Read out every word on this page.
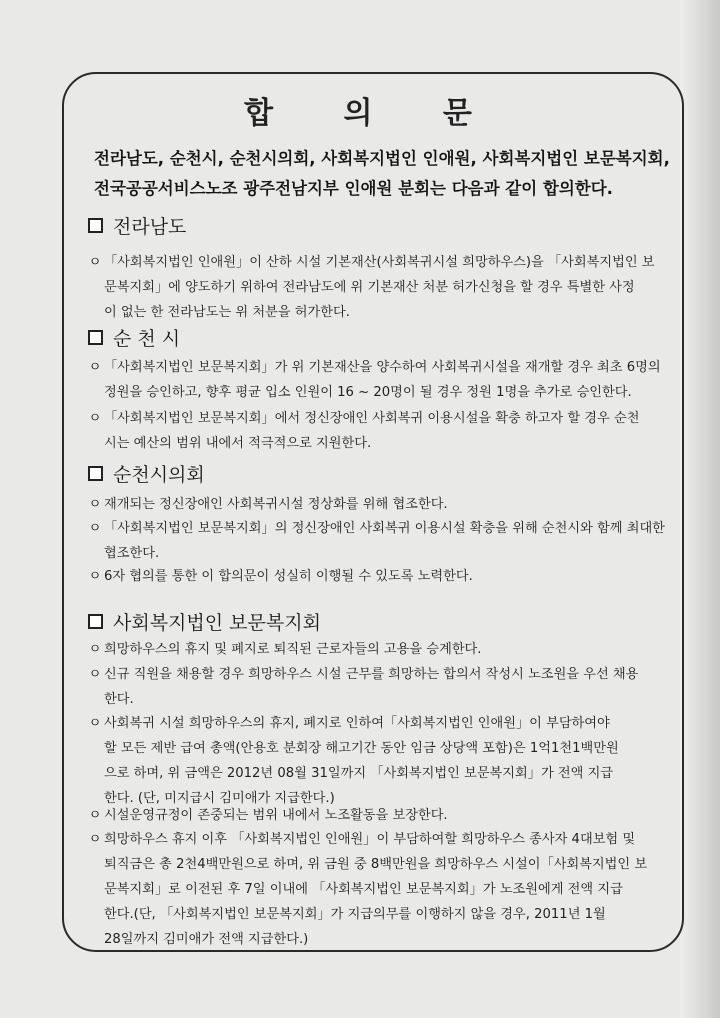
합 의 문
전라남도, 순천시, 순천시의회, 사회복지법인 인애원, 사회복지법인 보문복지회,
전국공공서비스노조 광주전남지부 인애원 분회는 다음과 같이 합의한다.
전라남도
ㅇ 「사회복지법인 인애원」이 산하 시설 기본재산(사회복귀시설 희망하우스)을 「사회복지법인 보
문복지회」에 양도하기 위하여 전라남도에 위 기본재산 처분 허가신청을 할 경우 특별한 사정
이 없는 한 전라남도는 위 처분을 허가한다.
순 천 시
ㅇ 「사회복지법인 보문복지회」가 위 기본재산을 양수하여 사회복귀시설을 재개할 경우 최초 6명의
정원을 승인하고, 향후 평균 입소 인원이 16 ~ 20명이 될 경우 정원 1명을 추가로 승인한다.
ㅇ 「사회복지법인 보문복지회」에서 정신장애인 사회복귀 이용시설을 확충 하고자 할 경우 순천
시는 예산의 범위 내에서 적극적으로 지원한다.
순천시의회
ㅇ 재개되는 정신장애인 사회복귀시설 정상화를 위해 협조한다.
ㅇ 「사회복지법인 보문복지회」의 정신장애인 사회복귀 이용시설 확충을 위해 순천시와 함께 최대한
협조한다.
ㅇ 6자 협의를 통한 이 합의문이 성실히 이행될 수 있도록 노력한다.
사회복지법인 보문복지회
ㅇ 희망하우스의 휴지 및 폐지로 퇴직된 근로자들의 고용을 승계한다.
ㅇ 신규 직원을 채용할 경우 희망하우스 시설 근무를 희망하는 합의서 작성시 노조원을 우선 채용
한다.
ㅇ 사회복귀 시설 희망하우스의 휴지, 폐지로 인하여「사회복지법인 인애원」이 부담하여야
할 모든 제반 급여 총액(안용호 분회장 해고기간 동안 임금 상당액 포함)은 1억1천1백만원
으로 하며, 위 금액은 2012년 08월 31일까지 「사회복지법인 보문복지회」가 전액 지급
한다. (단, 미지급시 김미애가 지급한다.)
ㅇ 시설운영규정이 존중되는 범위 내에서 노조활동을 보장한다.
ㅇ 희망하우스 휴지 이후 「사회복지법인 인애원」이 부담하여할 희망하우스 종사자 4대보험 및
퇴직금은 총 2천4백만원으로 하며, 위 금원 중 8백만원을 희망하우스 시설이「사회복지법인 보
문복지회」로 이전된 후 7일 이내에 「사회복지법인 보문복지회」가 노조원에게 전액 지급
한다.(단, 「사회복지법인 보문복지회」가 지급의무를 이행하지 않을 경우, 2011년 1월
28일까지 김미애가 전액 지급한다.)
